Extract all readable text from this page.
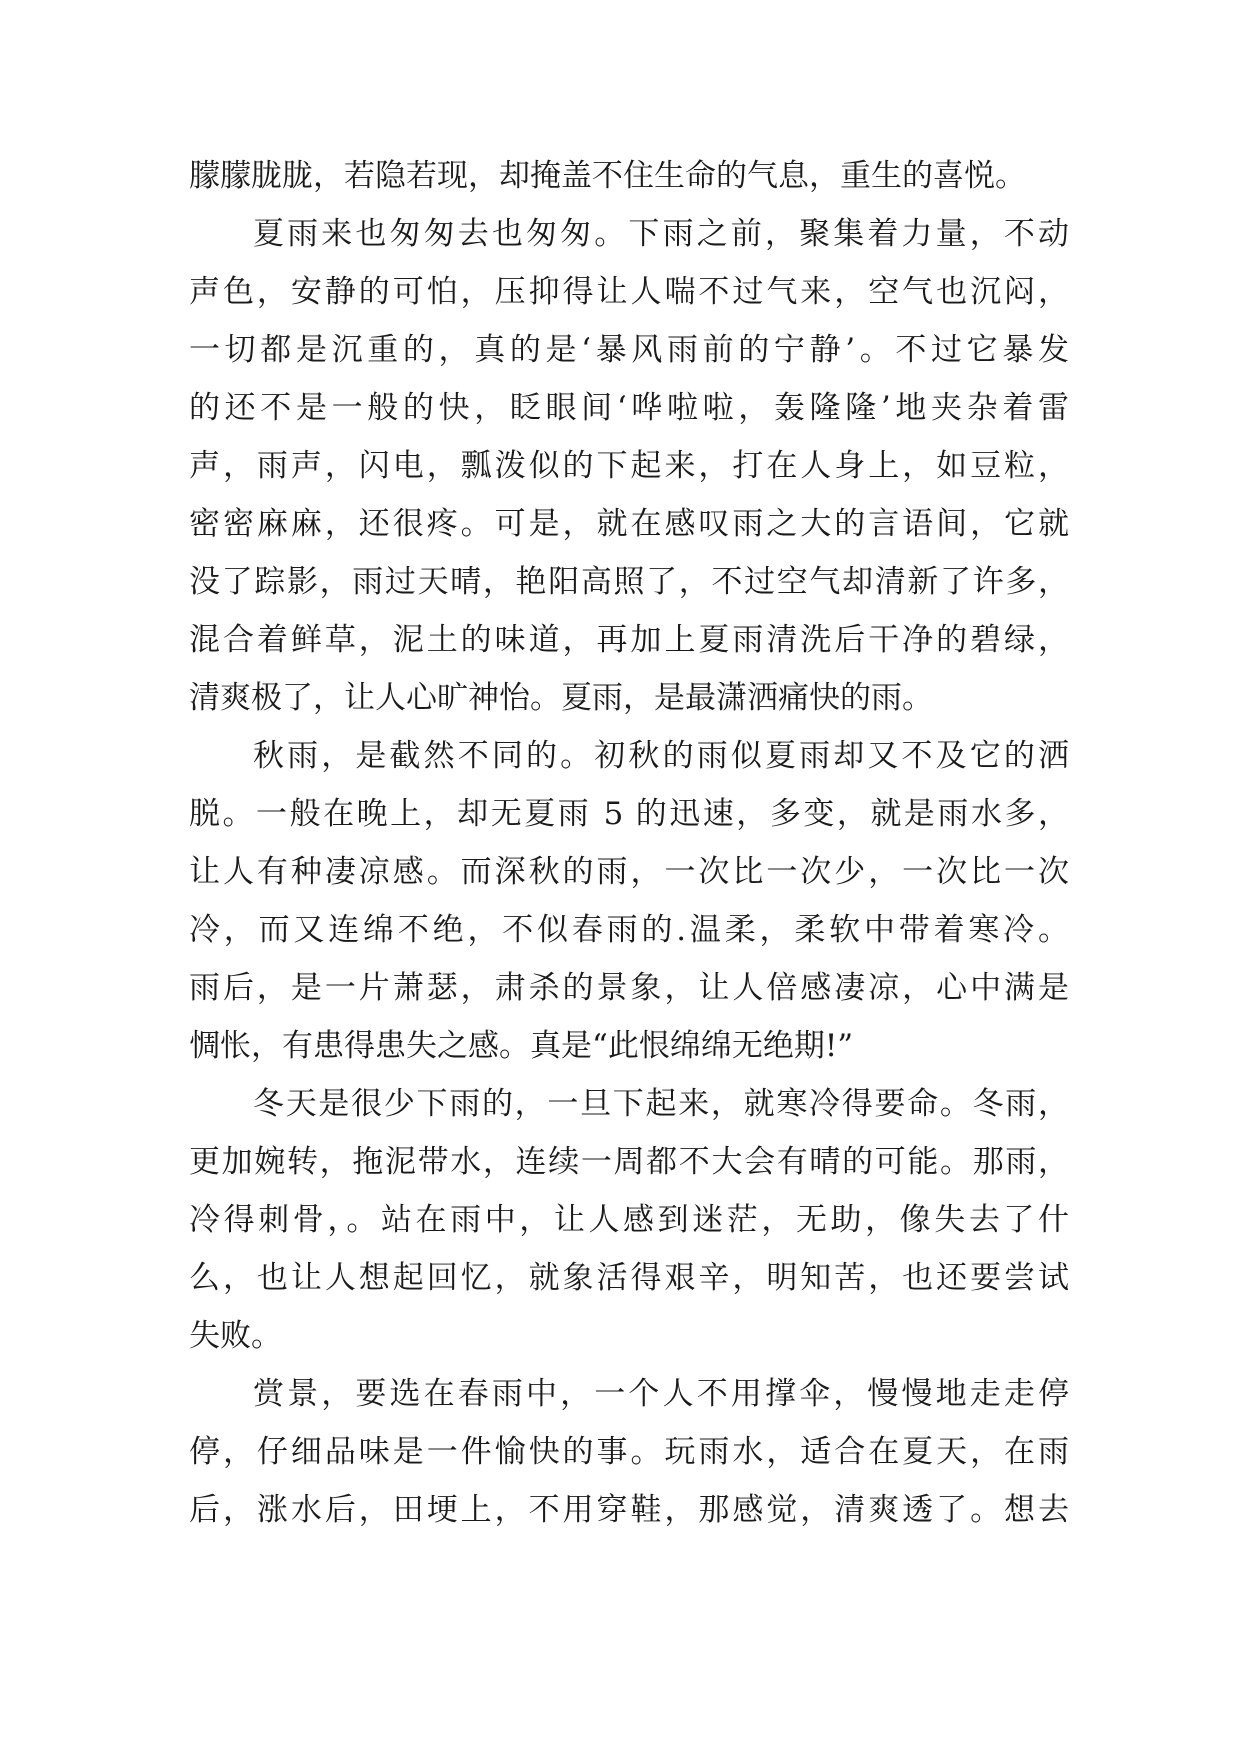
朦朦胧胧，若隐若现，却掩盖不住生命的气息，重生的喜悦。
夏雨来也匆匆去也匆匆。下雨之前，聚集着力量，不动
声色，安静的可怕，压抑得让人喘不过气来，空气也沉闷，
一切都是沉重的，真的是‘暴风雨前的宁静’。不过它暴发
的还不是一般的快，眨眼间‘哗啦啦，轰隆隆’地夹杂着雷
声，雨声，闪电，瓢泼似的下起来，打在人身上，如豆粒，
密密麻麻，还很疼。可是，就在感叹雨之大的言语间，它就
没了踪影，雨过天晴，艳阳高照了，不过空气却清新了许多，
混合着鲜草，泥土的味道，再加上夏雨清洗后干净的碧绿，
清爽极了，让人心旷神怡。夏雨，是最潇洒痛快的雨。
秋雨，是截然不同的。初秋的雨似夏雨却又不及它的洒
脱。一般在晚上，却无夏雨 5 的迅速，多变，就是雨水多，
让人有种凄凉感。而深秋的雨，一次比一次少，一次比一次
冷，而又连绵不绝，不似春雨的.温柔，柔软中带着寒冷。
雨后，是一片萧瑟，肃杀的景象，让人倍感凄凉，心中满是
惆怅，有患得患失之感。真是“此恨绵绵无绝期!”
冬天是很少下雨的，一旦下起来，就寒冷得要命。冬雨，
更加婉转，拖泥带水，连续一周都不大会有晴的可能。那雨，
冷得刺骨，。站在雨中，让人感到迷茫，无助，像失去了什
么，也让人想起回忆，就象活得艰辛，明知苦，也还要尝试
失败。
赏景，要选在春雨中，一个人不用撑伞，慢慢地走走停
停，仔细品味是一件愉快的事。玩雨水，适合在夏天，在雨
后，涨水后，田埂上，不用穿鞋，那感觉，清爽透了。想去
